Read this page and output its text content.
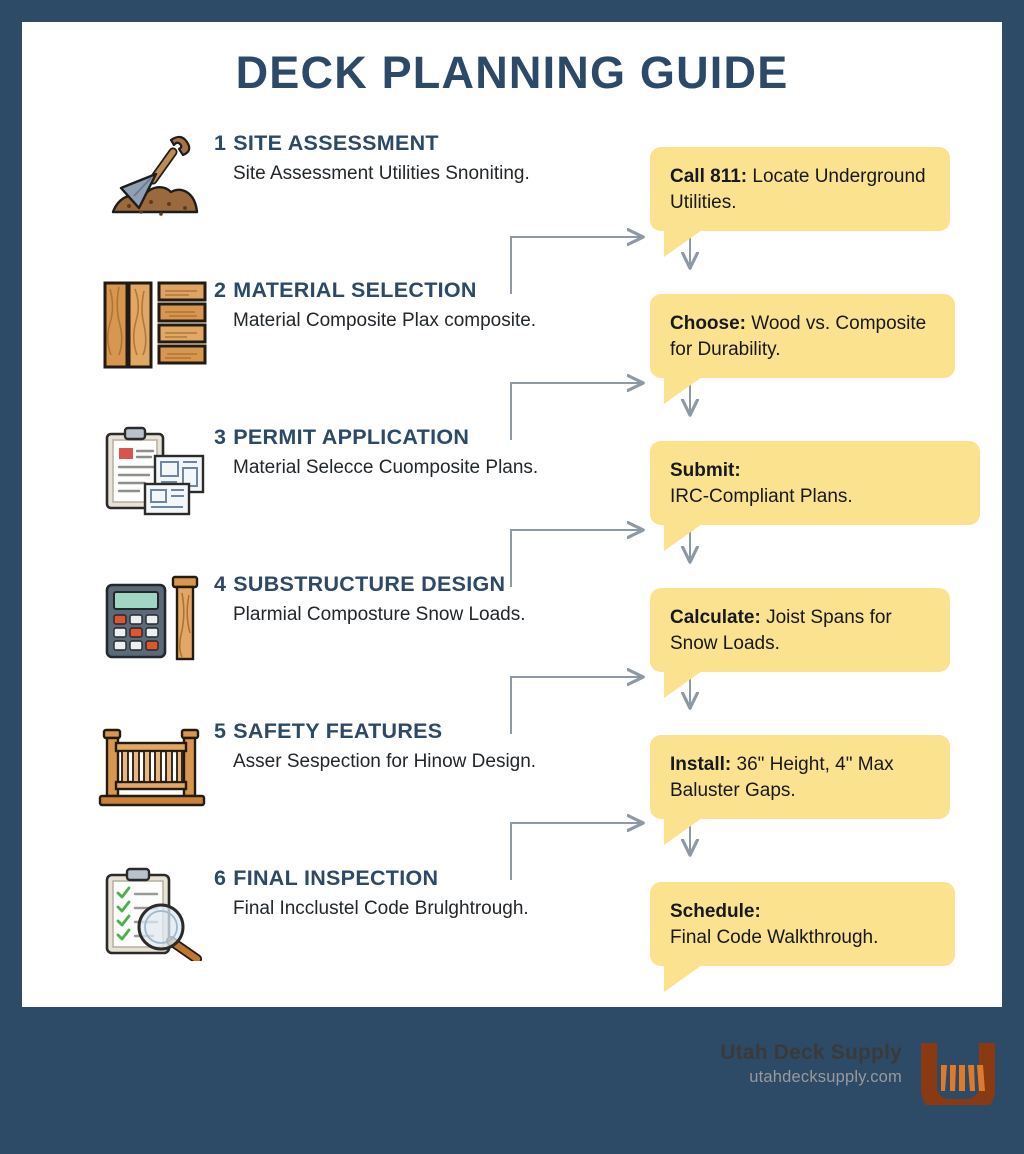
DECK PLANNING GUIDE
1 SITE ASSESSMENT
Site Assessment Utilities Snoniting.	Call 811: Locate Underground Utilities.
2 MATERIAL SELECTION
Material Composite Plax composite.	Choose: Wood vs. Composite for Durability.
3 PERMIT APPLICATION
Material Selecce Cuomposite Plans.	Submit:
IRC-Compliant Plans.
4 SUBSTRUCTURE DESIGN
Plarmial Composture Snow Loads.	Calculate: Joist Spans for Snow Loads.
5 SAFETY FEATURES
Asser Sespection for Hinow Design.	Install: 36" Height, 4" Max Baluster Gaps.
6 FINAL INSPECTION
Final Incclustel Code Brulghtrough.	Schedule:
Final Code Walkthrough.
Utah Deck Supply
utahdecksupply.com
